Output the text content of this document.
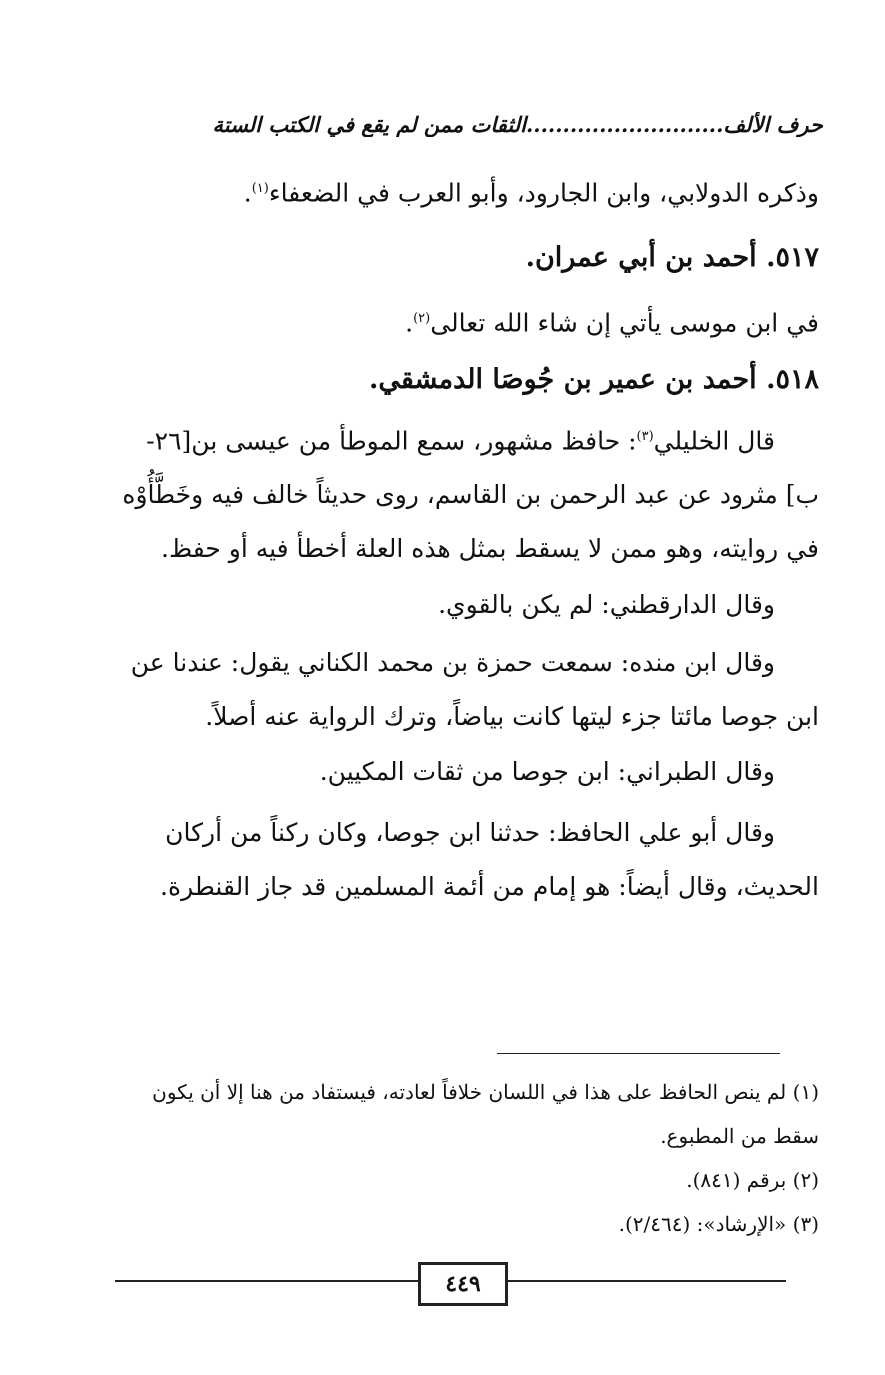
حرف الألف...........................الثقات ممن لم يقع في الكتب الستة
وذكره الدولابي، وابن الجارود، وأبو العرب في الضعفاء$^{(١)}$.
٥١٧. أحمد بن أبي عمران.
في ابن موسى يأتي إن شاء الله تعالى$^{(٢)}$.
٥١٨. أحمد بن عمير بن جُوصَا الدمشقي.
قال الخليلي$^{(٣)}$: حافظ مشهور، سمع الموطأ من عيسى بن[٢٦-ب] مثرود عن عبد الرحمن بن القاسم، روى حديثاً خالف فيه وخَطَّأُوْه في روايته، وهو ممن لا يسقط بمثل هذه العلة أخطأ فيه أو حفظ.
وقال الدارقطني: لم يكن بالقوي.
وقال ابن منده: سمعت حمزة بن محمد الكناني يقول: عندنا عن ابن جوصا مائتا جزء ليتها كانت بياضاً، وترك الرواية عنه أصلاً.
وقال الطبراني: ابن جوصا من ثقات المكيين.
وقال أبو علي الحافظ: حدثنا ابن جوصا، وكان ركناً من أركان الحديث، وقال أيضاً: هو إمام من أئمة المسلمين قد جاز القنطرة.
(١) لم ينص الحافظ على هذا في اللسان خلافاً لعادته، فيستفاد من هنا إلا أن يكون سقط من المطبوع.
(٢) برقم (٨٤١).
(٣) «الإرشاد»: (٢/٤٦٤).
٤٤٩
